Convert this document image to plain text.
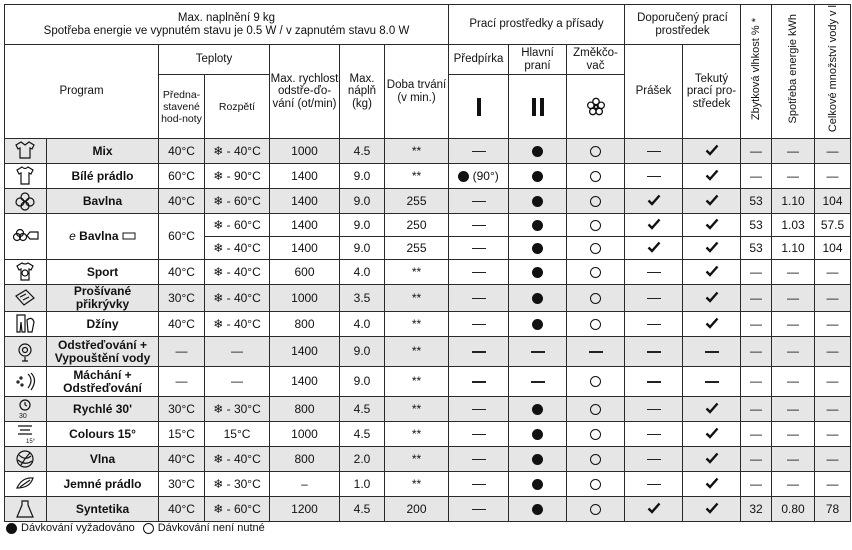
Max. naplnění 9 kg
Spotřeba energie ve vypnutém stavu je 0.5 W / v zapnutém stavu 8.0 W							Prací prostředky a přísady			Doporučený prací prostředek		Zbytková vlhkost % *	Spotřeba energie kWh	Celkové množství vody v l
Program		Teploty		Max. rychlost odstře-ďo-vání (ot/min)	Max. náplň (kg)	Doba trvání (v min.)	Předpírka	Hlavní praní	Změkčo-vač	Prášek	Tekutý prací pro-středek			
		Předna-stavené hod-noty	Rozpětí			

	Mix	40°C	❄ - 40°C	1000	4.5	**						—	—	—

	Bílé prádlo	60°C	❄ - 90°C	1400	9.0	**	(90°)					—	—	—

	Bavlna	40°C	❄ - 60°C	1400	9.0	255						53	1.10	104

	e Bavlna	60°C	❄ - 60°C	1400	9.0	250						53	1.03	57.5
			❄ - 40°C	1400	9.0	255						53	1.10	104

	Sport	40°C	❄ - 40°C	600	4.0	**						—	—	—

	Prošívané přikrývky	30°C	❄ - 40°C	1000	3.5	**						—	—	—

	Džíny	40°C	❄ - 40°C	800	4.0	**						—	—	—

	Odstřeďování + Vypouštění vody	—	—	1400	9.0	**						—	—	—

	Máchání + Odstřeďování	—	—	1400	9.0	**						—	—	—

30	Rychlé 30'	30°C	❄ - 30°C	800	4.5	**						—	—	—

15°	Colours 15°	15°C	15°C	1000	4.5	**						—	—	—

	Vlna	40°C	❄ - 40°C	800	2.0	**						—	—	—

	Jemné prádlo	30°C	❄ - 30°C	–	1.0	**						—	—	—

	Syntetika	40°C	❄ - 60°C	1200	4.5	200						32	0.80	78
Dávkování vyžadováno Dávkování není nutné
